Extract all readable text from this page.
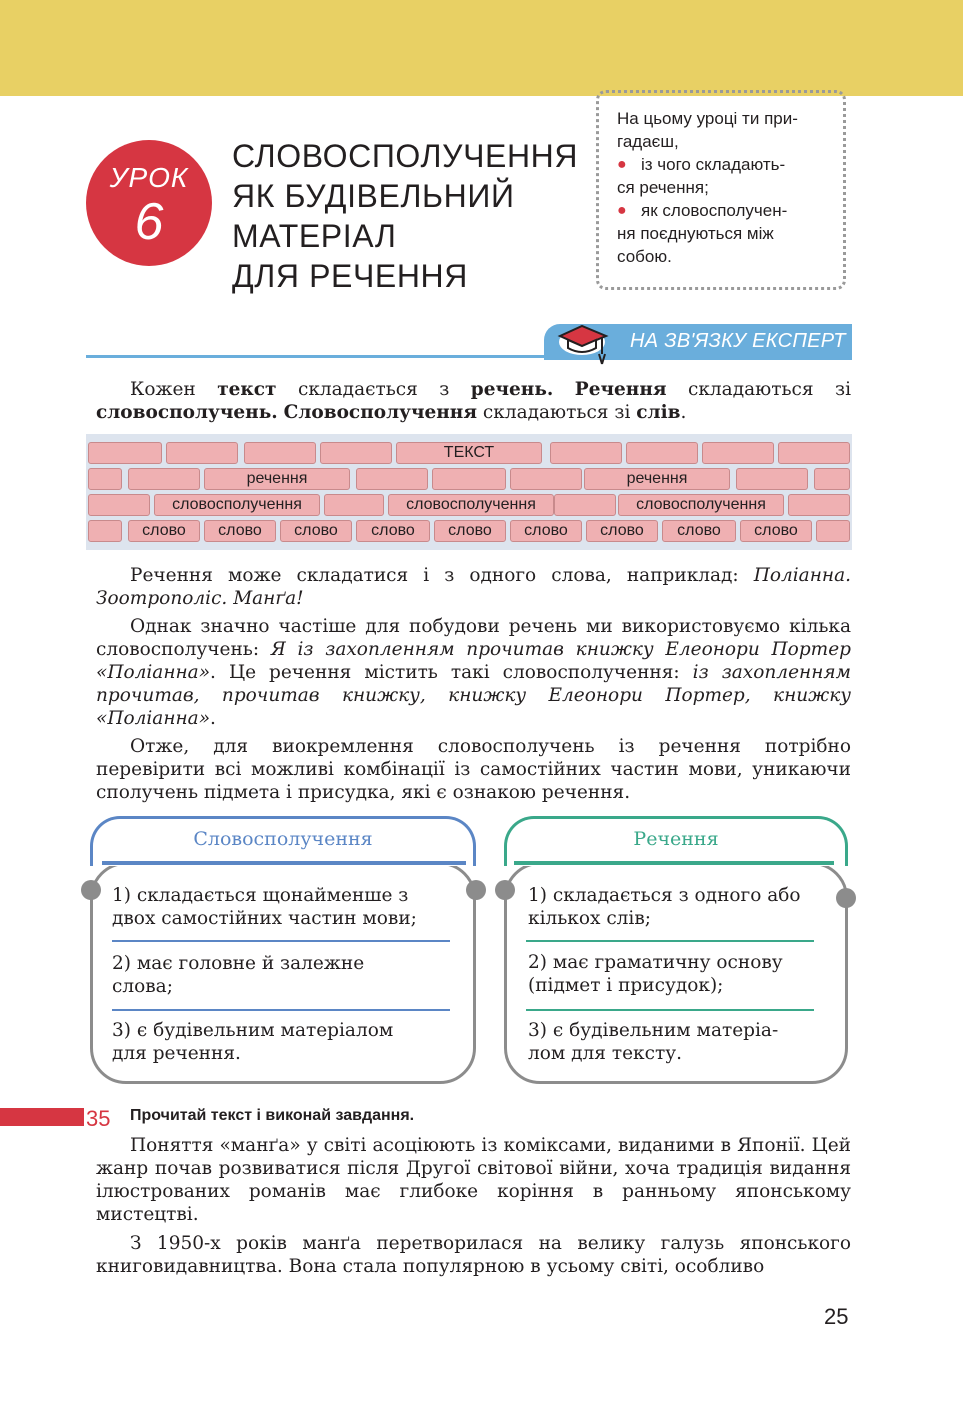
УРОК
6
СЛОВОСПОЛУЧЕННЯ
ЯК БУДІВЕЛЬНИЙ
МАТЕРІАЛ
ДЛЯ РЕЧЕННЯ
На цьому уроці ти при-
гадаєш,
● із чого складають-
ся речення;
● як словосполучен-
ня поєднуються між
собою.
НА ЗВ'ЯЗКУ ЕКСПЕРТ
Кожен текст складається з речень. Речення складаються зі словосполучень. Словосполучення складаються зі слів.
ТЕКСТ
речення	речення
словосполучення	словосполучення	словосполучення
слово	слово	слово	слово	слово	слово	слово	слово	слово
Речення може складатися і з одного слова, наприклад: Поліанна. Зоотрополіс. Манґа!
Однак значно частіше для побудови речень ми використовуємо кілька словосполучень: Я із захопленням прочитав книжку Елеонори Портер «Поліанна». Це речення містить такі словосполучення: із захопленням прочитав, прочитав книжку, книжку Елеонори Портер, книжку «Поліанна».
Отже, для виокремлення словосполучень із речення потрібно перевірити всі можливі комбінації із самостійних частин мови, уникаючи сполучень підмета і присудка, які є ознакою речення.
Словосполучення
1) складається щонайменше з
двох самостійних частин мови;
2) має головне й залежне
слова;
3) є будівельним матеріалом
для речення.
Речення
1) складається з одного або
кількох слів;
2) має граматичну основу
(підмет і присудок);
3) є будівельним матеріа-
лом для тексту.
35 Прочитай текст і виконай завдання.
Поняття «манґа» у світі асоціюють із коміксами, виданими в Японії. Цей жанр почав розвиватися після Другої світової війни, хоча традиція видання ілюстрованих романів має глибоке коріння в ранньому японському мистецтві.
З 1950-х років манґа перетворилася на велику галузь японського книговидавництва. Вона стала популярною в усьому світі, особливо
25
